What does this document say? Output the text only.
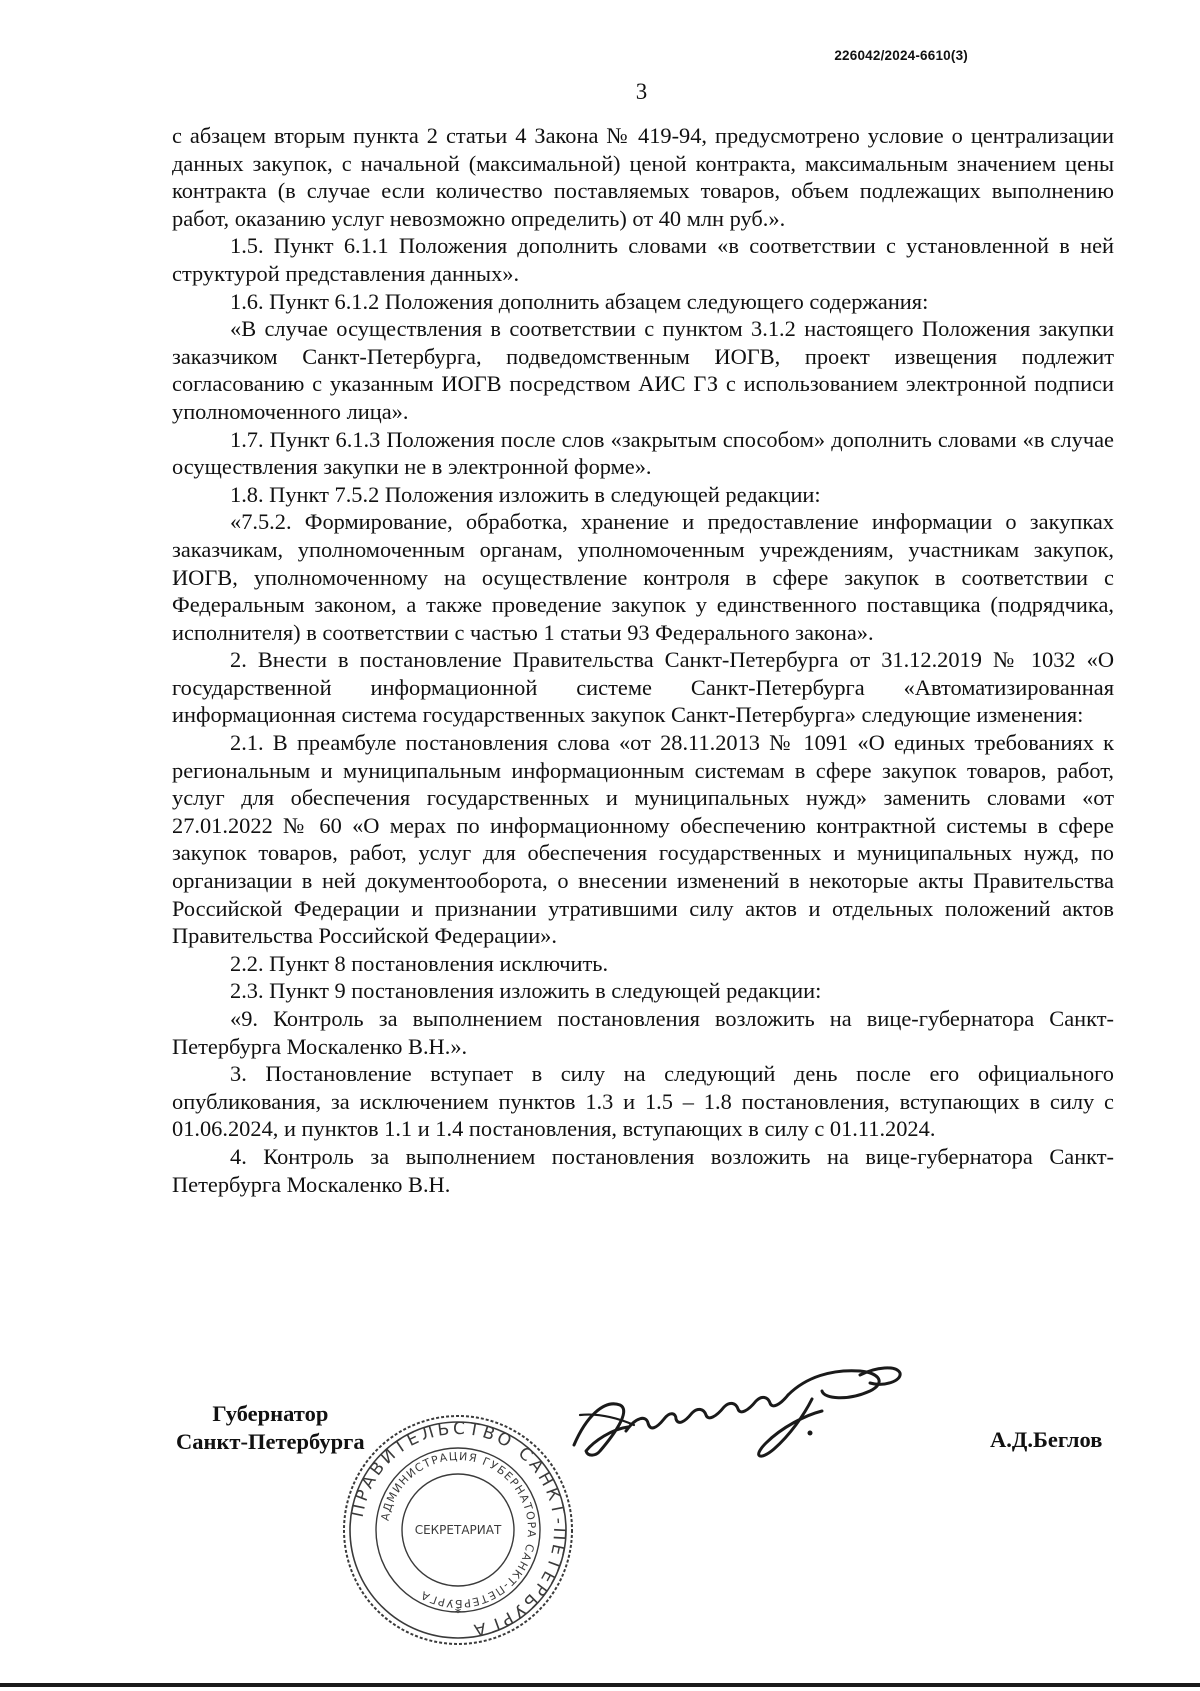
226042/2024-6610(3)
3

с абзацем вторым пункта 2 статьи 4 Закона № 419-94, предусмотрено условие о централизации данных закупок, с начальной (максимальной) ценой контракта, максимальным значением цены контракта (в случае если количество поставляемых товаров, объем подлежащих выполнению работ, оказанию услуг невозможно определить) от 40 млн руб.».

1.5. Пункт 6.1.1 Положения дополнить словами «в соответствии с установленной в ней структурой представления данных».

1.6. Пункт 6.1.2 Положения дополнить абзацем следующего содержания:

«В случае осуществления в соответствии с пунктом 3.1.2 настоящего Положения закупки заказчиком Санкт-Петербурга, подведомственным ИОГВ, проект извещения подлежит согласованию с указанным ИОГВ посредством АИС ГЗ с использованием электронной подписи уполномоченного лица».

1.7. Пункт 6.1.3 Положения после слов «закрытым способом» дополнить словами «в случае осуществления закупки не в электронной форме».

1.8. Пункт 7.5.2 Положения изложить в следующей редакции:

«7.5.2. Формирование, обработка, хранение и предоставление информации о закупках заказчикам, уполномоченным органам, уполномоченным учреждениям, участникам закупок, ИОГВ, уполномоченному на осуществление контроля в сфере закупок в соответствии с Федеральным законом, а также проведение закупок у единственного поставщика (подрядчика, исполнителя) в соответствии с частью 1 статьи 93 Федерального закона».

2. Внести в постановление Правительства Санкт-Петербурга от 31.12.2019 № 1032 «О государственной информационной системе Санкт-Петербурга «Автоматизированная информационная система государственных закупок Санкт-Петербурга» следующие изменения:

2.1. В преамбуле постановления слова «от 28.11.2013 № 1091 «О единых требованиях к региональным и муниципальным информационным системам в сфере закупок товаров, работ, услуг для обеспечения государственных и муниципальных нужд» заменить словами «от 27.01.2022 № 60 «О мерах по информационному обеспечению контрактной системы в сфере закупок товаров, работ, услуг для обеспечения государственных и муниципальных нужд, по организации в ней документооборота, о внесении изменений в некоторые акты Правительства Российской Федерации и признании утратившими силу актов и отдельных положений актов Правительства Российской Федерации».

2.2. Пункт 8 постановления исключить.

2.3. Пункт 9 постановления изложить в следующей редакции:

«9. Контроль за выполнением постановления возложить на вице-губернатора Санкт-Петербурга Москаленко В.Н.».

3. Постановление вступает в силу на следующий день после его официального опубликования, за исключением пунктов 1.3 и 1.5 – 1.8 постановления, вступающих в силу с 01.06.2024, и пунктов 1.1 и 1.4 постановления, вступающих в силу с 01.11.2024.

4. Контроль за выполнением постановления возложить на вице-губернатора Санкт-Петербурга Москаленко В.Н.

Губернатор
Санкт-Петербурга
ПРАВИТЕЛЬСТВО САНКТ-ПЕТЕРБУРГА
АДМИНИСТРАЦИЯ ГУБЕРНАТОРА САНКТ-ПЕТЕРБУРГА
СЕКРЕТАРИАТ
*
А.Д.Беглов
